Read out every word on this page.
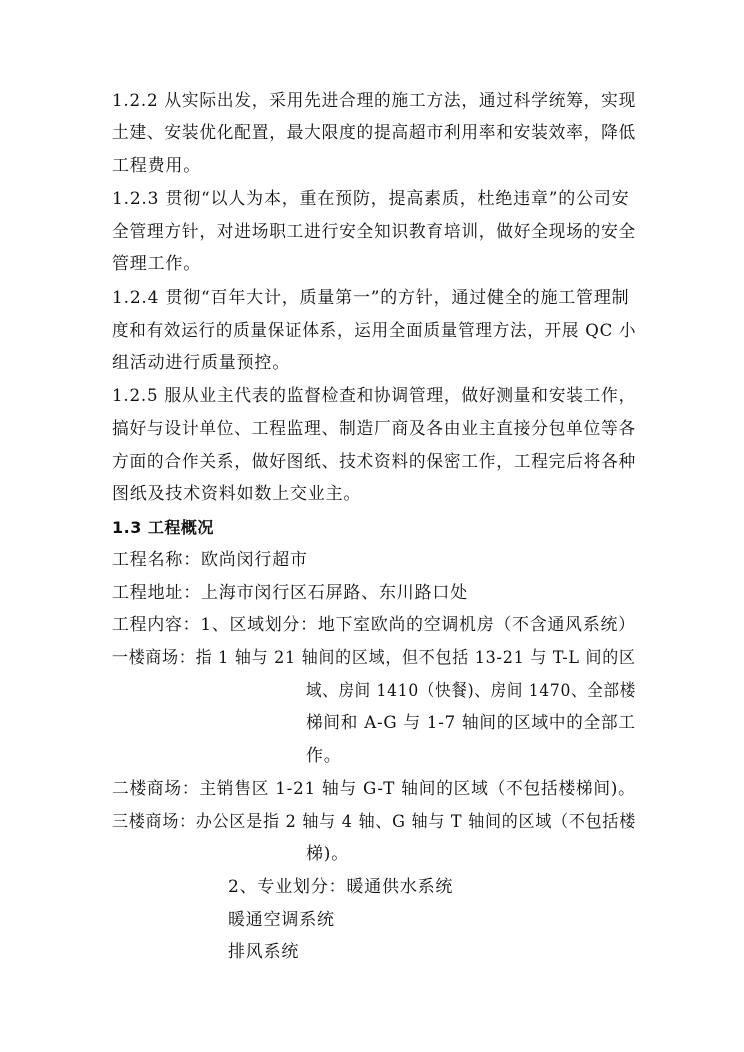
1.2.2 从实际出发，采用先进合理的施工方法，通过科学统筹，实现
土建、安装优化配置，最大限度的提高超市利用率和安装效率，降低
工程费用。
1.2.3 贯彻“以人为本，重在预防，提高素质，杜绝违章”的公司安
全管理方针，对进场职工进行安全知识教育培训，做好全现场的安全
管理工作。
1.2.4 贯彻“百年大计，质量第一”的方针，通过健全的施工管理制
度和有效运行的质量保证体系，运用全面质量管理方法，开展 QC 小
组活动进行质量预控。
1.2.5 服从业主代表的监督检查和协调管理，做好测量和安装工作，
搞好与设计单位、工程监理、制造厂商及各由业主直接分包单位等各
方面的合作关系，做好图纸、技术资料的保密工作，工程完后将各种
图纸及技术资料如数上交业主。
1.3 工程概况
工程名称：欧尚闵行超市
工程地址：上海市闵行区石屏路、东川路口处
工程内容：1、区域划分：地下室欧尚的空调机房（不含通风系统）
一楼商场：指 1 轴与 21 轴间的区域，但不包括 13-21 与 T-L 间的区
域、房间 1410（快餐)、房间 1470、全部楼
梯间和 A-G 与 1-7 轴间的区域中的全部工
作。
二楼商场：主销售区 1-21 轴与 G-T 轴间的区域（不包括楼梯间)。
三楼商场：办公区是指 2 轴与 4 轴、G 轴与 T 轴间的区域（不包括楼
梯)。
2、专业划分：暖通供水系统
暖通空调系统
排风系统
